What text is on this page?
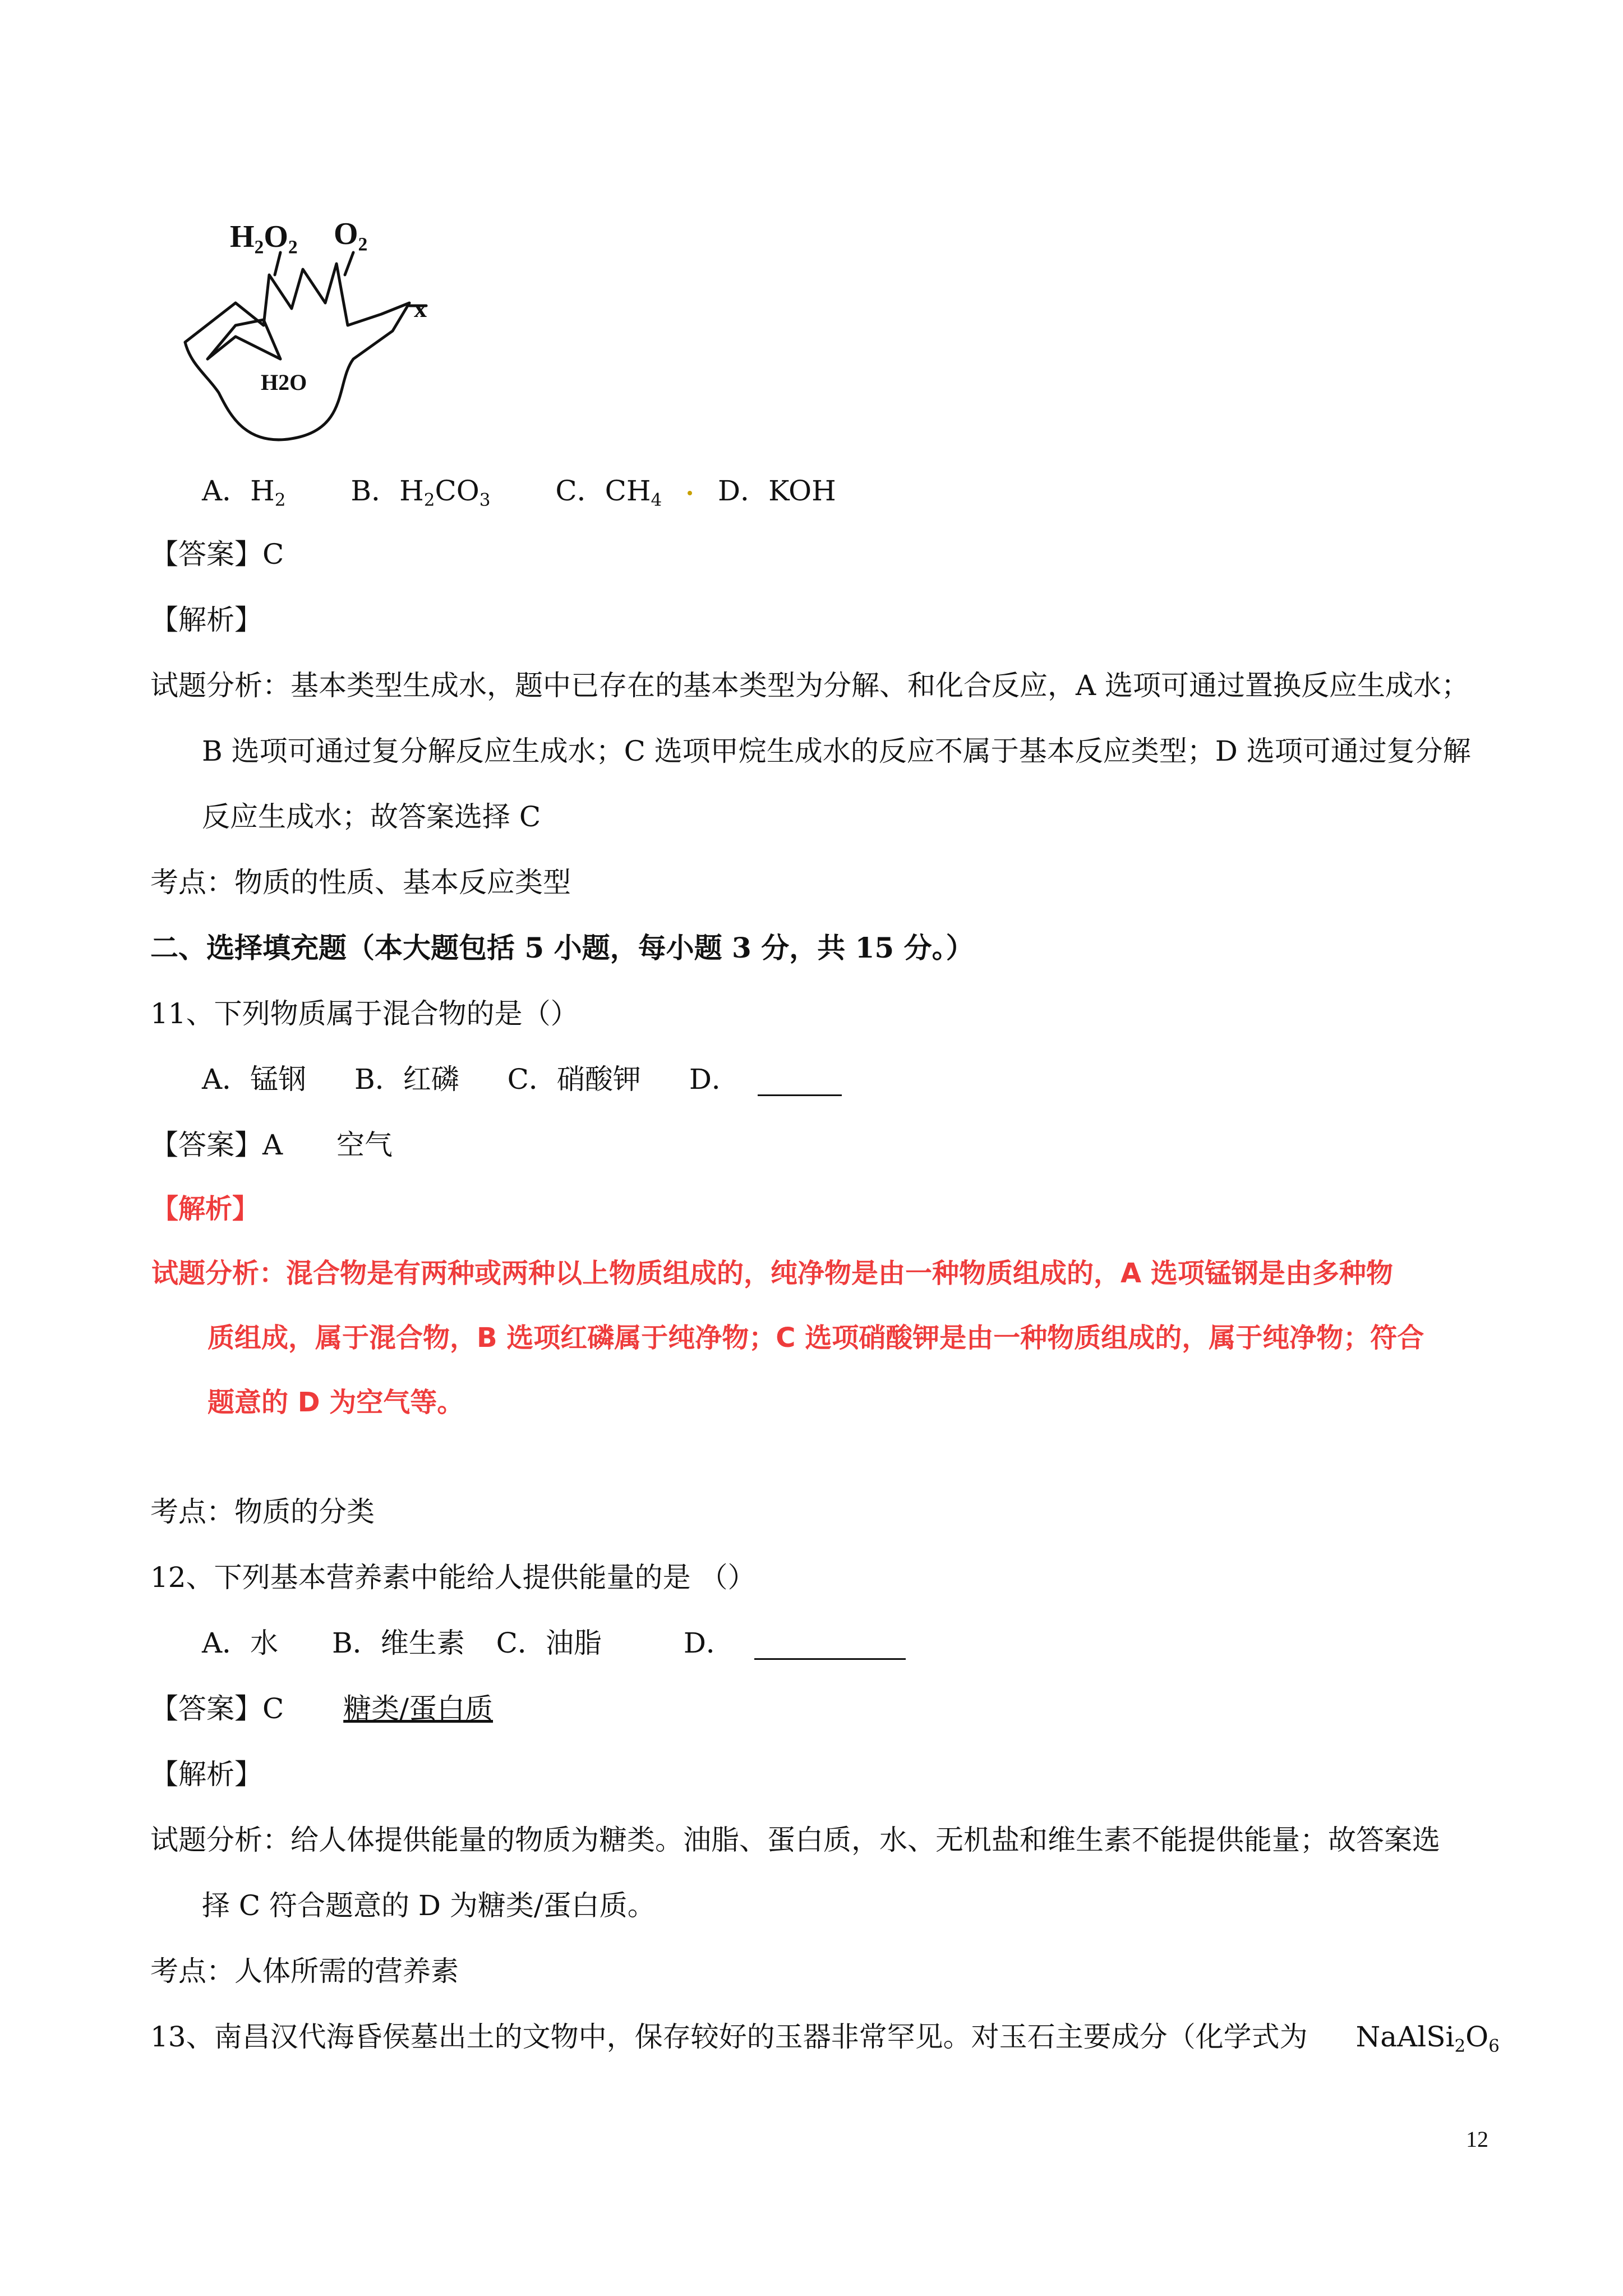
H₂O₂ O₂
x
H2O
A．$H_2$ B．$H_2CO_3$ C．$CH_4$ D．KOH
【答案】C
【解析】
试题分析：基本类型生成水，题中已存在的基本类型为分解、和化合反应，A 选项可通过置换反应生成水；
B 选项可通过复分解反应生成水；C 选项甲烷生成水的反应不属于基本反应类型；D 选项可通过复分解
反应生成水；故答案选择 C
考点：物质的性质、基本反应类型
二、选择填充题（本大题包括 5 小题，每小题 3 分，共 15 分。）
11、下列物质属于混合物的是（）
A．锰钢 B．红磷 C．硝酸钾 D．
【答案】A 空气
【解析】
试题分析：混合物是有两种或两种以上物质组成的，纯净物是由一种物质组成的，A 选项锰钢是由多种物
质组成，属于混合物，B 选项红磷属于纯净物；C 选项硝酸钾是由一种物质组成的，属于纯净物；符合
题意的 D 为空气等。
考点：物质的分类
12、下列基本营养素中能给人提供能量的是 （）
A．水 B．维生素 C．油脂	D．
【答案】C 糖类/蛋白质
【解析】
试题分析：给人体提供能量的物质为糖类。油脂、蛋白质，水、无机盐和维生素不能提供能量；故答案选
择 C 符合题意的 D 为糖类/蛋白质。
考点：人体所需的营养素
13、南昌汉代海昏侯墓出土的文物中，保存较好的玉器非常罕见。对玉石主要成分（化学式为 $NaAlSi_2O_6$
12
